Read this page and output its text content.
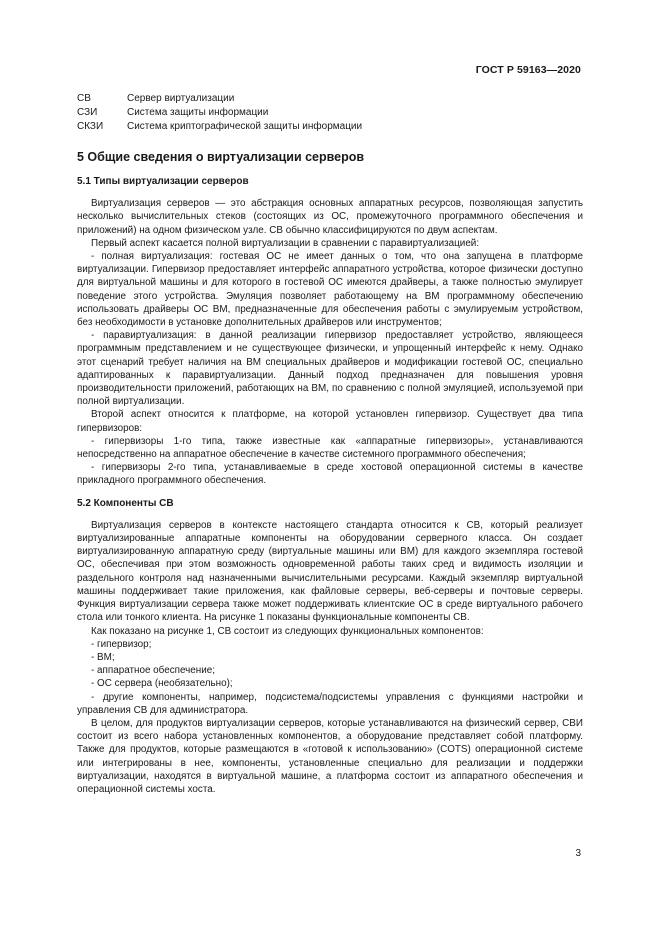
ГОСТ Р 59163—2020
СВ	Сервер виртуализации
СЗИ	Система защиты информации
СКЗИ	Система криптографической защиты информации
5 Общие сведения о виртуализации серверов
5.1 Типы виртуализации серверов

Виртуализация серверов — это абстракция основных аппаратных ресурсов, позволяющая запустить несколько вычислительных стеков (состоящих из ОС, промежуточного программного обеспечения и приложений) на одном физическом узле. СВ обычно классифицируются по двум аспектам.

Первый аспект касается полной виртуализации в сравнении с паравиртуализацией:

- полная виртуализация: гостевая ОС не имеет данных о том, что она запущена в платформе виртуализации. Гипервизор предоставляет интерфейс аппаратного устройства, которое физически доступно для виртуальной машины и для которого в гостевой ОС имеются драйверы, а также полностью эмулирует поведение этого устройства. Эмуляция позволяет работающему на ВМ программному обеспечению использовать драйверы ОС ВМ, предназначенные для обеспечения работы с эмулируемым устройством, без необходимости в установке дополнительных драйверов или инструментов;

- паравиртуализация: в данной реализации гипервизор предоставляет устройство, являющееся программным представлением и не существующее физически, и упрощенный интерфейс к нему. Однако этот сценарий требует наличия на ВМ специальных драйверов и модификации гостевой ОС, специально адаптированных к паравиртуализации. Данный подход предназначен для повышения уровня производительности приложений, работающих на ВМ, по сравнению с полной эмуляцией, используемой при полной виртуализации.

Второй аспект относится к платформе, на которой установлен гипервизор. Существует два типа гипервизоров:

- гипервизоры 1-го типа, также известные как «аппаратные гипервизоры», устанавливаются непосредственно на аппаратное обеспечение в качестве системного программного обеспечения;

- гипервизоры 2-го типа, устанавливаемые в среде хостовой операционной системы в качестве прикладного программного обеспечения.

5.2 Компоненты СВ

Виртуализация серверов в контексте настоящего стандарта относится к СВ, который реализует виртуализированные аппаратные компоненты на оборудовании серверного класса. Он создает виртуализированную аппаратную среду (виртуальные машины или ВМ) для каждого экземпляра гостевой ОС, обеспечивая при этом возможность одновременной работы таких сред и видимость изоляции и раздельного контроля над назначенными вычислительными ресурсами. Каждый экземпляр виртуальной машины поддерживает такие приложения, как файловые серверы, веб-серверы и почтовые серверы. Функция виртуализации сервера также может поддерживать клиентские ОС в среде виртуального рабочего стола или тонкого клиента. На рисунке 1 показаны функциональные компоненты СВ.

Как показано на рисунке 1, СВ состоит из следующих функциональных компонентов:

- гипервизор;

- ВМ;

- аппаратное обеспечение;

- ОС сервера (необязательно);

- другие компоненты, например, подсистема/подсистемы управления с функциями настройки и управления СВ для администратора.

В целом, для продуктов виртуализации серверов, которые устанавливаются на физический сервер, СВИ состоит из всего набора установленных компонентов, а оборудование представляет собой платформу. Также для продуктов, которые размещаются в «готовой к использованию» (COTS) операционной системе или интегрированы в нее, компоненты, установленные специально для реализации и поддержки виртуализации, находятся в виртуальной машине, а платформа состоит из аппаратного обеспечения и операционной системы хоста.

3
